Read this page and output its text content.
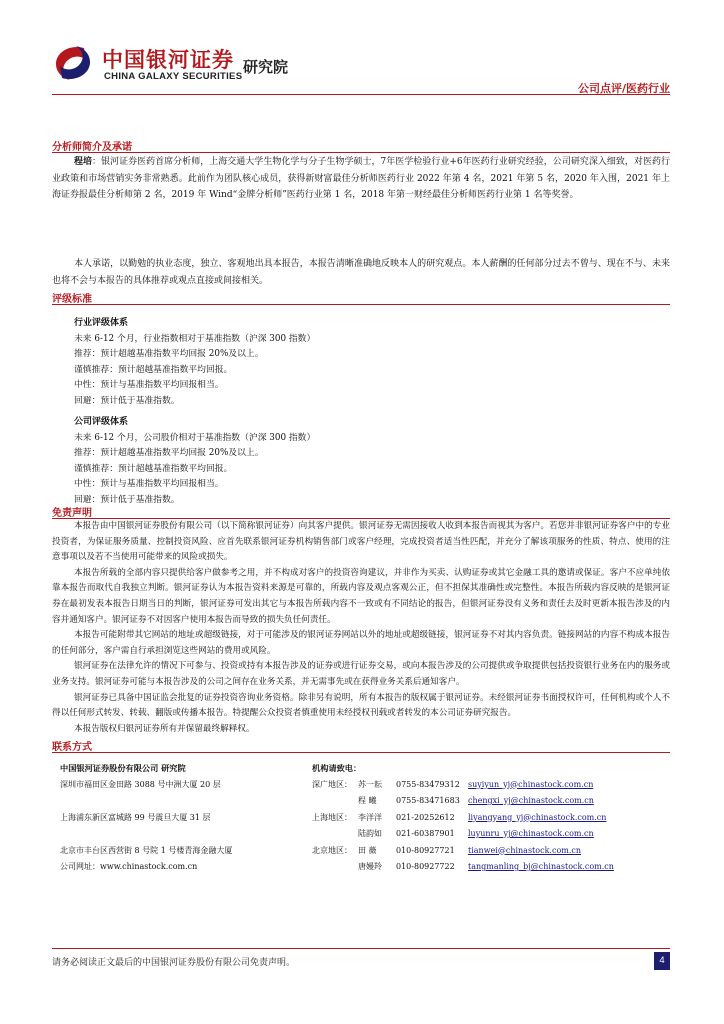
中国银河证券
CHINA GALAXY SECURITIES
研究院
公司点评/医药行业
分析师简介及承诺
程培：银河证券医药首席分析师，上海交通大学生物化学与分子生物学硕士，7年医学检验行业+6年医药行业研究经验，公司研究深入细致，对医药行业政策和市场营销实务非常熟悉。此前作为团队核心成员，获得新财富最佳分析师医药行业 2022 年第 4 名，2021 年第 5 名，2020 年入围，2021 年上海证券报最佳分析师第 2 名，2019 年 Wind“金牌分析师”医药行业第 1 名，2018 年第一财经最佳分析师医药行业第 1 名等奖誉。
本人承诺，以勤勉的执业态度，独立、客观地出具本报告，本报告清晰准确地反映本人的研究观点。本人薪酬的任何部分过去不曾与、现在不与、未来也将不会与本报告的具体推荐或观点直接或间接相关。
评级标准
行业评级体系
未来 6-12 个月，行业指数相对于基准指数（沪深 300 指数）
推荐：预计超越基准指数平均回报 20%及以上。
谨慎推荐：预计超越基准指数平均回报。
中性：预计与基准指数平均回报相当。
回避：预计低于基准指数。
公司评级体系
未来 6-12 个月，公司股价相对于基准指数（沪深 300 指数）
推荐：预计超越基准指数平均回报 20%及以上。
谨慎推荐：预计超越基准指数平均回报。
中性：预计与基准指数平均回报相当。
回避：预计低于基准指数。
免责声明
本报告由中国银河证券股份有限公司（以下简称银河证券）向其客户提供。银河证券无需因接收人收到本报告而视其为客户。若您并非银河证券客户中的专业投资者，为保证服务质量、控制投资风险、应首先联系银河证券机构销售部门或客户经理，完成投资者适当性匹配，并充分了解该项服务的性质、特点、使用的注意事项以及若不当使用可能带来的风险或损失。
本报告所载的全部内容只提供给客户做参考之用，并不构成对客户的投资咨询建议，并非作为买卖、认购证券或其它金融工具的邀请或保证。客户不应单纯依靠本报告而取代自我独立判断。银河证券认为本报告资料来源是可靠的，所载内容及观点客观公正，但不担保其准确性或完整性。本报告所载内容反映的是银河证券在最初发表本报告日期当日的判断，银河证券可发出其它与本报告所载内容不一致或有不同结论的报告，但银河证券没有义务和责任去及时更新本报告涉及的内容并通知客户。银河证券不对因客户使用本报告而导致的损失负任何责任。
本报告可能附带其它网站的地址或超级链接，对于可能涉及的银河证券网站以外的地址或超级链接，银河证券不对其内容负责。链接网站的内容不构成本报告的任何部分，客户需自行承担浏览这些网站的费用或风险。
银河证券在法律允许的情况下可参与、投资或持有本报告涉及的证券或进行证券交易，或向本报告涉及的公司提供或争取提供包括投资银行业务在内的服务或业务支持。银河证券可能与本报告涉及的公司之间存在业务关系，并无需事先或在获得业务关系后通知客户。
银河证券已具备中国证监会批复的证券投资咨询业务资格。除非另有说明，所有本报告的版权属于银河证券。未经银河证券书面授权许可，任何机构或个人不得以任何形式转发、转载、翻版或传播本报告。特提醒公众投资者慎重使用未经授权刊载或者转发的本公司证券研究报告。
本报告版权归银河证券所有并保留最终解释权。
联系方式
中国银河证券股份有限公司 研究院
深圳市福田区金田路 3088 号中洲大厦 20 层
上海浦东新区富城路 99 号震旦大厦 31 层
北京市丰台区西营街 8 号院 1 号楼青海金融大厦
公司网址：www.chinastock.com.cn
机构请致电：
深广地区： 苏一耘 0755-83479312 suyiyun_yj@chinastock.com.cn
程 曦 0755-83471683 chengxi_yj@chinastock.com.cn
上海地区： 李洋洋 021-20252612 liyangyang_yj@chinastock.com.cn
陆韵如 021-60387901 luyunru_yj@chinastock.com.cn
北京地区： 田 薇 010-80927721 tianwei@chinastock.com.cn
唐嫚羚 010-80927722 tangmanling_bj@chinastock.com.cn
请务必阅读正文最后的中国银河证券股份有限公司免责声明。	4
